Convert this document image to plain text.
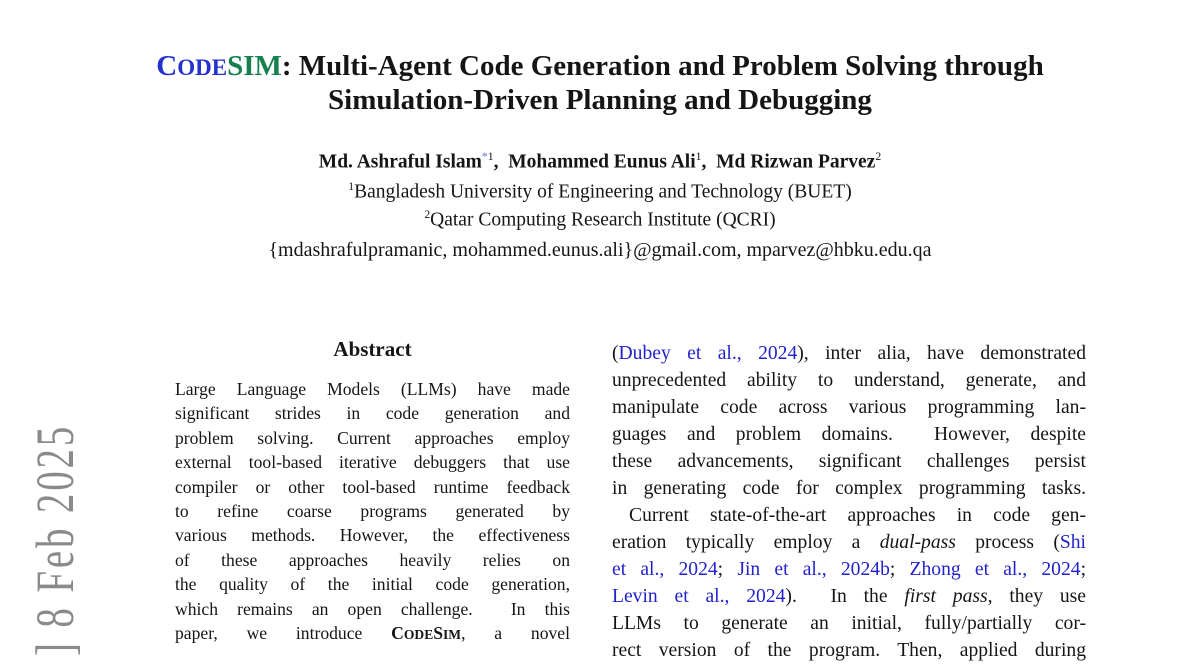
] 8 Feb 2025
CODESIM: Multi-Agent Code Generation and Problem Solving through
Simulation-Driven Planning and Debugging
Md. Ashraful Islam$^{*1}$,  Mohammed Eunus Ali$^1$,  Md Rizwan Parvez$^2$
$^1$Bangladesh University of Engineering and Technology (BUET)
$^2$Qatar Computing Research Institute (QCRI)
{mdashrafulpramanic, mohammed.eunus.ali}@gmail.com, mparvez@hbku.edu.qa
Abstract
Large Language Models (LLMs) have made
significant strides in code generation and
problem solving. Current approaches employ
external tool-based iterative debuggers that use
compiler or other tool-based runtime feedback
to refine coarse programs generated by
various methods. However, the effectiveness
of these approaches heavily relies on
the quality of the initial code generation,
which remains an open challenge.  In this
paper, we introduce CODESIM, a novel
(Dubey et al., 2024), inter alia, have demonstrated
unprecedented ability to understand, generate, and
manipulate code across various programming lan-
guages and problem domains.  However, despite
these advancements, significant challenges persist
in generating code for complex programming tasks.
Current state-of-the-art approaches in code gen-
eration typically employ a dual-pass process (Shi
et al., 2024; Jin et al., 2024b; Zhong et al., 2024;
Levin et al., 2024).  In the first pass, they use
LLMs to generate an initial, fully/partially cor-
rect version of the program. Then, applied during
